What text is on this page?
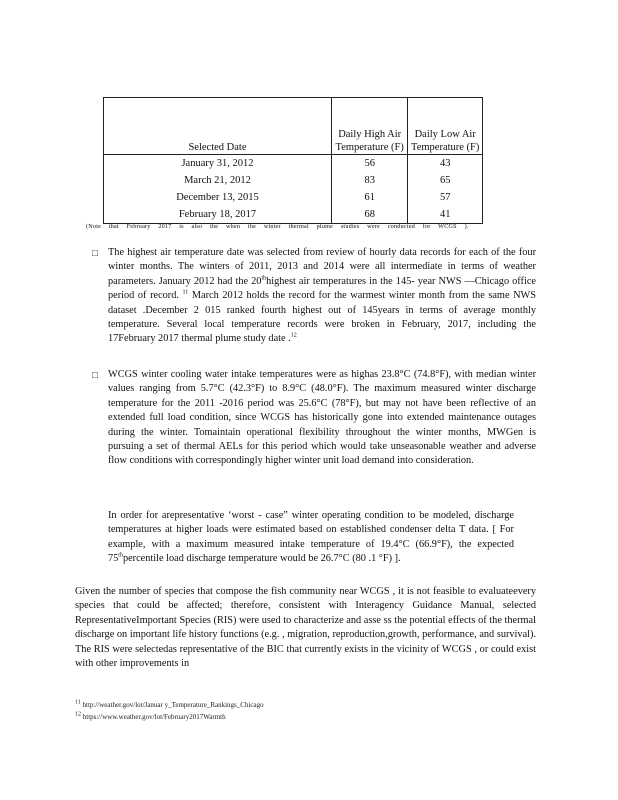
Selected Date	Daily High Air Temperature (F)	Daily Low Air Temperature (F)
January 31, 2012	56	43
March 21, 2012	83	65
December 13, 2015	61	57
February 18, 2017	68	41
(Note that February 2017 is also the when the winter thermal plume studies were conducted for WCGS ).
□ The highest air temperature date was selected from review of hourly data records for each of the four winter months. The winters of 2011, 2013 and 2014 were all intermediate in terms of weather parameters. January 2012 had the 20thhighest air temperatures in the 145- year NWS —Chicago office period of record. $^{11}$ March 2012 holds the record for the warmest winter month from the same NWS dataset .December 2 015 ranked fourth highest out of 145years in terms of average monthly temperature. Several local temperature records were broken in February, 2017, including the 17February 2017 thermal plume study date .$^{12}$
□ WCGS winter cooling water intake temperatures were as highas 23.8°C (74.8°F), with median winter values ranging from 5.7°C (42.3°F) to 8.9°C (48.0°F). The maximum measured winter discharge temperature for the 2011 -2016 period was 25.6°C (78°F), but may not have been reflective of an extended full load condition, since WCGS has historically gone into extended maintenance outages during the winter. Tomaintain operational flexibility throughout the winter months, MWGen is pursuing a set of thermal AELs for this period which would take unseasonable weather and adverse flow conditions with correspondingly higher winter unit load demand into consideration.
In order for arepresentative ‘worst - case” winter operating condition to be modeled, discharge temperatures at higher loads were estimated based on established condenser delta T data. [ For example, with a maximum measured intake temperature of 19.4°C (66.9°F), the expected 75thpercentile load discharge temperature would be 26.7°C (80 .1 °F) ].
Given the number of species that compose the fish community near WCGS , it is not feasible to evaluateevery species that could be affected; therefore, consistent with Interagency Guidance Manual, selected RepresentativeImportant Species (RIS) were used to characterize and asse ss the potential effects of the thermal discharge on important life history functions (e.g. , migration, reproduction,growth, performance, and survival). The RIS were selectedas representative of the BIC that currently exists in the vicinity of WCGS , or could exist with other improvements in
$^{11}$ http://weather.gov/lot/Januar y_Temperature_Rankings_Chicago
$^{12}$ https://www.weather.gov/lot/February2017Warmth
